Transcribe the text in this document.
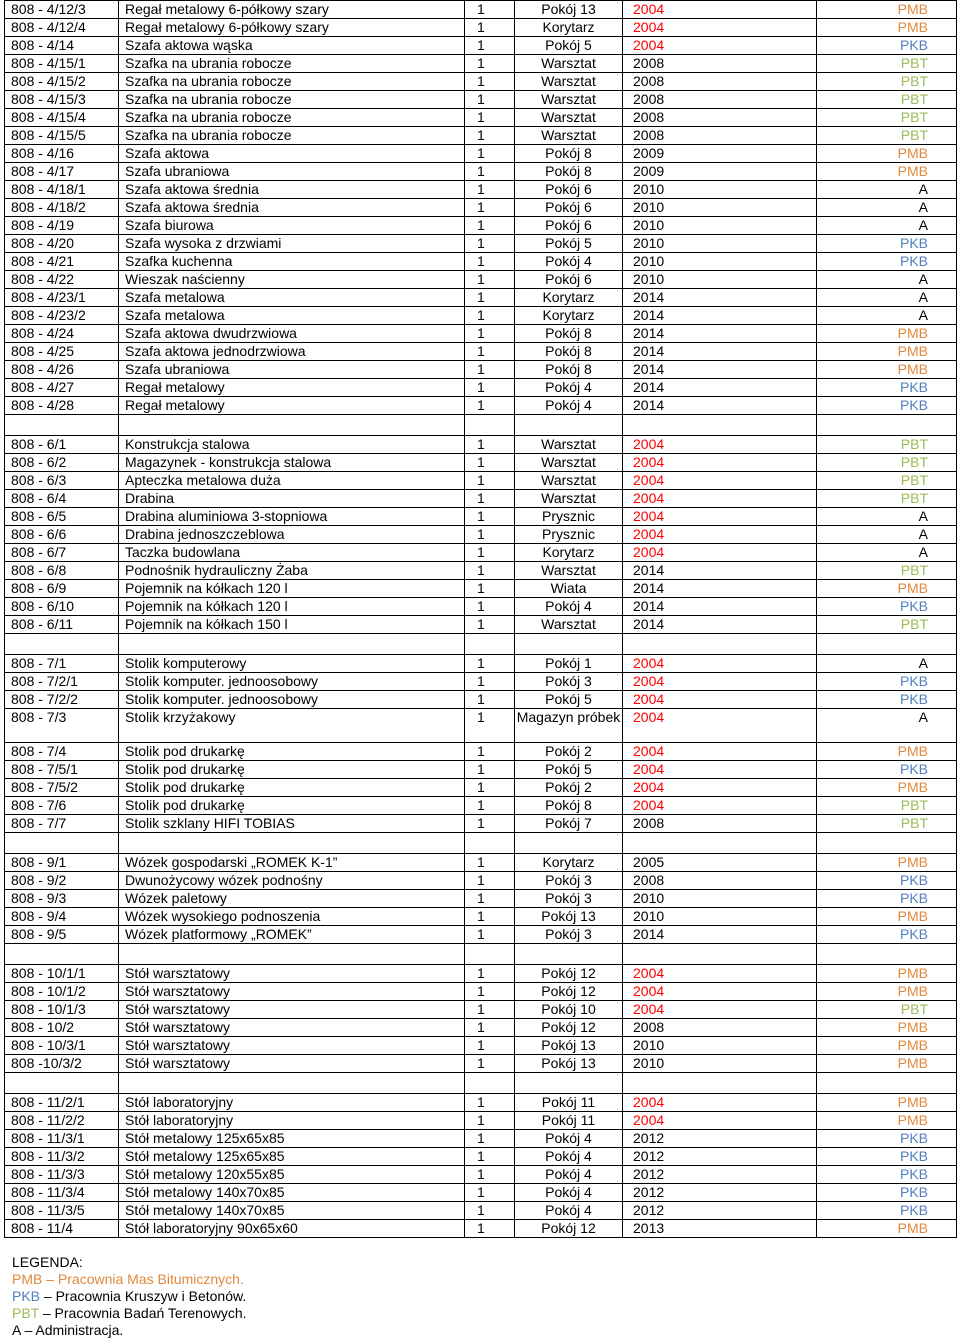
808 - 4/12/3	Regał metalowy 6-półkowy szary	1	Pokój 13	2004	PMB
808 - 4/12/4	Regał metalowy 6-półkowy szary	1	Korytarz	2004	PMB
808 - 4/14	Szafa aktowa wąska	1	Pokój 5	2004	PKB
808 - 4/15/1	Szafka na ubrania robocze	1	Warsztat	2008	PBT
808 - 4/15/2	Szafka na ubrania robocze	1	Warsztat	2008	PBT
808 - 4/15/3	Szafka na ubrania robocze	1	Warsztat	2008	PBT
808 - 4/15/4	Szafka na ubrania robocze	1	Warsztat	2008	PBT
808 - 4/15/5	Szafka na ubrania robocze	1	Warsztat	2008	PBT
808 - 4/16	Szafa aktowa	1	Pokój 8	2009	PMB
808 - 4/17	Szafa ubraniowa	1	Pokój 8	2009	PMB
808 - 4/18/1	Szafa aktowa średnia	1	Pokój 6	2010	A
808 - 4/18/2	Szafa aktowa średnia	1	Pokój 6	2010	A
808 - 4/19	Szafa biurowa	1	Pokój 6	2010	A
808 - 4/20	Szafa wysoka z drzwiami	1	Pokój 5	2010	PKB
808 - 4/21	Szafka kuchenna	1	Pokój 4	2010	PKB
808 - 4/22	Wieszak naścienny	1	Pokój 6	2010	A
808 - 4/23/1	Szafa metalowa	1	Korytarz	2014	A
808 - 4/23/2	Szafa metalowa	1	Korytarz	2014	A
808 - 4/24	Szafa aktowa dwudrzwiowa	1	Pokój 8	2014	PMB
808 - 4/25	Szafa aktowa jednodrzwiowa	1	Pokój 8	2014	PMB
808 - 4/26	Szafa ubraniowa	1	Pokój 8	2014	PMB
808 - 4/27	Regał metalowy	1	Pokój 4	2014	PKB
808 - 4/28	Regał metalowy	1	Pokój 4	2014	PKB

808 - 6/1	Konstrukcja stalowa	1	Warsztat	2004	PBT
808 - 6/2	Magazynek - konstrukcja stalowa	1	Warsztat	2004	PBT
808 - 6/3	Apteczka metalowa duża	1	Warsztat	2004	PBT
808 - 6/4	Drabina	1	Warsztat	2004	PBT
808 - 6/5	Drabina aluminiowa 3-stopniowa	1	Prysznic	2004	A
808 - 6/6	Drabina jednoszczeblowa	1	Prysznic	2004	A
808 - 6/7	Taczka budowlana	1	Korytarz	2004	A
808 - 6/8	Podnośnik hydrauliczny Żaba	1	Warsztat	2014	PBT
808 - 6/9	Pojemnik na kółkach 120 l	1	Wiata	2014	PMB
808 - 6/10	Pojemnik na kółkach 120 l	1	Pokój 4	2014	PKB
808 - 6/11	Pojemnik na kółkach 150 l	1	Warsztat	2014	PBT

808 - 7/1	Stolik komputerowy	1	Pokój 1	2004	A
808 - 7/2/1	Stolik komputer. jednoosobowy	1	Pokój 3	2004	PKB
808 - 7/2/2	Stolik komputer. jednoosobowy	1	Pokój 5	2004	PKB
808 - 7/3	Stolik krzyżakowy	1	Magazyn próbek	2004	A
808 - 7/4	Stolik pod drukarkę	1	Pokój 2	2004	PMB
808 - 7/5/1	Stolik pod drukarkę	1	Pokój 5	2004	PKB
808 - 7/5/2	Stolik pod drukarkę	1	Pokój 2	2004	PMB
808 - 7/6	Stolik pod drukarkę	1	Pokój 8	2004	PBT
808 - 7/7	Stolik szklany HIFI TOBIAS	1	Pokój 7	2008	PBT

808 - 9/1	Wózek gospodarski „ROMEK K-1”	1	Korytarz	2005	PMB
808 - 9/2	Dwunożycowy wózek podnośny	1	Pokój 3	2008	PKB
808 - 9/3	Wózek paletowy	1	Pokój 3	2010	PKB
808 - 9/4	Wózek wysokiego podnoszenia	1	Pokój 13	2010	PMB
808 - 9/5	Wózek platformowy „ROMEK”	1	Pokój 3	2014	PKB

808 - 10/1/1	Stół warsztatowy	1	Pokój 12	2004	PMB
808 - 10/1/2	Stół warsztatowy	1	Pokój 12	2004	PMB
808 - 10/1/3	Stół warsztatowy	1	Pokój 10	2004	PBT
808 - 10/2	Stół warsztatowy	1	Pokój 12	2008	PMB
808 - 10/3/1	Stół warsztatowy	1	Pokój 13	2010	PMB
808 -10/3/2	Stół warsztatowy	1	Pokój 13	2010	PMB

808 - 11/2/1	Stół laboratoryjny	1	Pokój 11	2004	PMB
808 - 11/2/2	Stół laboratoryjny	1	Pokój 11	2004	PMB
808 - 11/3/1	Stół metalowy 125x65x85	1	Pokój 4	2012	PKB
808 - 11/3/2	Stół metalowy 125x65x85	1	Pokój 4	2012	PKB
808 - 11/3/3	Stół metalowy 120x55x85	1	Pokój 4	2012	PKB
808 - 11/3/4	Stół metalowy 140x70x85	1	Pokój 4	2012	PKB
808 - 11/3/5	Stół metalowy 140x70x85	1	Pokój 4	2012	PKB
808 - 11/4	Stół laboratoryjny 90x65x60	1	Pokój 12	2013	PMB
LEGENDA:
PMB – Pracownia Mas Bitumicznych.
PKB – Pracownia Kruszyw i Betonów.
PBT – Pracownia Badań Terenowych.
A – Administracja.
